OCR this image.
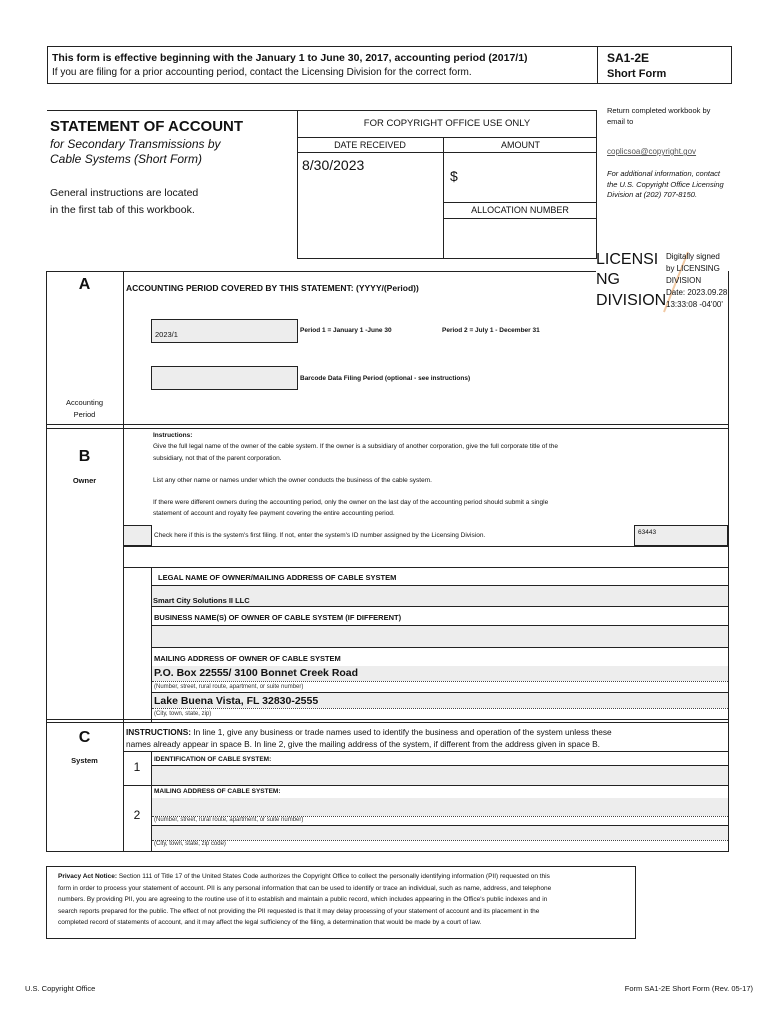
This form is effective beginning with the January 1 to June 30, 2017, accounting period (2017/1)
If you are filing for a prior accounting period, contact the Licensing Division for the correct form.
SA1-2E
Short Form
STATEMENT OF ACCOUNT
for Secondary Transmissions by
Cable Systems (Short Form)
General instructions are located
in the first tab of this workbook.
FOR COPYRIGHT OFFICE USE ONLY
DATE RECEIVED	AMOUNT
8/30/2023
$
ALLOCATION NUMBER
Return completed workbook by email to
coplicsoa@copyright.gov
For additional information, contact the U.S. Copyright Office Licensing Division at (202) 707-8150.
LICENSI
NG
DIVISION
Digitally signed
by LICENSING
DIVISION
Date: 2023.09.28
13:33:08 -04'00'
A
Accounting
Period
ACCOUNTING PERIOD COVERED BY THIS STATEMENT: (YYYY/(Period))
2023/1	Period 1 = January 1 -June 30	Period 2 = July 1 - December 31
Barcode Data Filing Period (optional - see instructions)
B
Owner
Instructions:
Give the full legal name of the owner of the cable system. If the owner is a subsidiary of another corporation, give the full corporate title of the
subsidiary, not that of the parent corporation.
List any other name or names under which the owner conducts the business of the cable system.
If there were different owners during the accounting period, only the owner on the last day of the accounting period should submit a single
statement of account and royalty fee payment covering the entire accounting period.
Check here if this is the system's first filing. If not, enter the system's ID number assigned by the Licensing Division.	63443
LEGAL NAME OF OWNER/MAILING ADDRESS OF CABLE SYSTEM
Smart City Solutions II LLC
BUSINESS NAME(S) OF OWNER OF CABLE SYSTEM (IF DIFFERENT)
MAILING ADDRESS OF OWNER OF CABLE SYSTEM
P.O. Box 22555/ 3100 Bonnet Creek Road
(Number, street, rural route, apartment, or suite number)
Lake Buena Vista, FL 32830-2555
(City, town, state, zip)
C
System
INSTRUCTIONS: In line 1, give any business or trade names used to identify the business and operation of the system unless these
names already appear in space B. In line 2, give the mailing address of the system, if different from the address given in space B.
1
IDENTIFICATION OF CABLE SYSTEM:
MAILING ADDRESS OF CABLE SYSTEM:
2	(Number, street, rural route, apartment, or suite number)
(City, town, state, zip code)
Privacy Act Notice: Section 111 of Title 17 of the United States Code authorizes the Copyright Office to collect the personally identifying information (PII) requested on this
form in order to process your statement of account. PII is any personal information that can be used to identify or trace an individual, such as name, address, and telephone
numbers. By providing PII, you are agreeing to the routine use of it to establish and maintain a public record, which includes appearing in the Office's public indexes and in
search reports prepared for the public. The effect of not providing the PII requested is that it may delay processing of your statement of account and its placement in the
completed record of statements of account, and it may affect the legal sufficiency of the filing, a determination that would be made by a court of law.
U.S. Copyright Office	Form SA1-2E Short Form (Rev. 05-17)
